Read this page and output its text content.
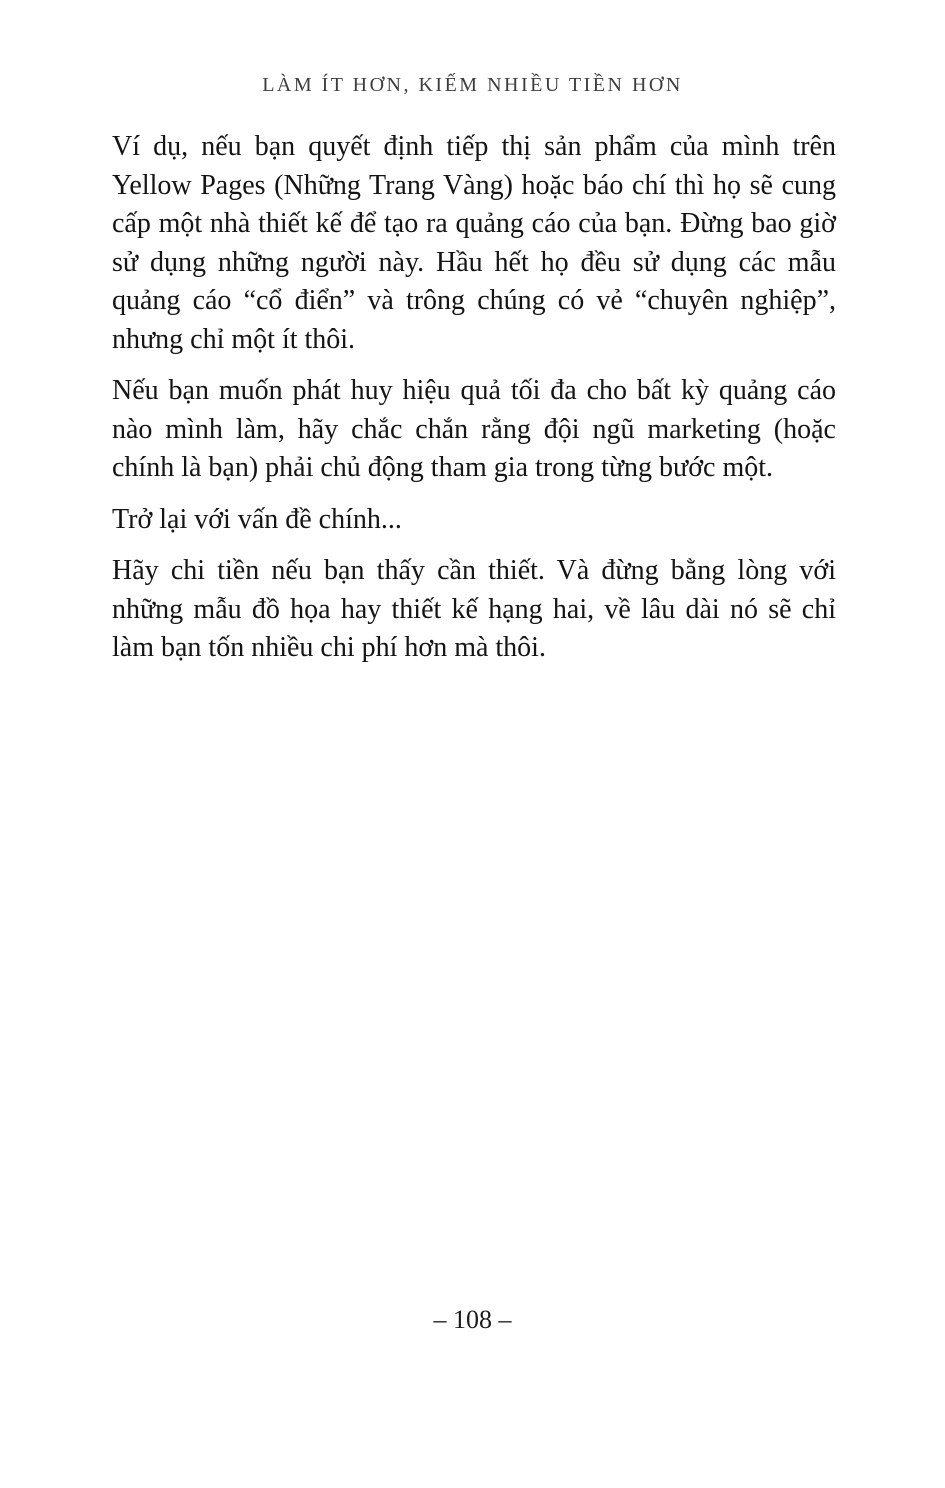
LÀM ÍT HƠN, KIẾM NHIỀU TIỀN HƠN

Ví dụ, nếu bạn quyết định tiếp thị sản phẩm của mình trên Yellow Pages (Những Trang Vàng) hoặc báo chí thì họ sẽ cung cấp một nhà thiết kế để tạo ra quảng cáo của bạn. Đừng bao giờ sử dụng những người này. Hầu hết họ đều sử dụng các mẫu quảng cáo “cổ điển” và trông chúng có vẻ “chuyên nghiệp”, nhưng chỉ một ít thôi.

Nếu bạn muốn phát huy hiệu quả tối đa cho bất kỳ quảng cáo nào mình làm, hãy chắc chắn rằng đội ngũ marketing (hoặc chính là bạn) phải chủ động tham gia trong từng bước một.

Trở lại với vấn đề chính...

Hãy chi tiền nếu bạn thấy cần thiết. Và đừng bằng lòng với những mẫu đồ họa hay thiết kế hạng hai, về lâu dài nó sẽ chỉ làm bạn tốn nhiều chi phí hơn mà thôi.

– 108 –
